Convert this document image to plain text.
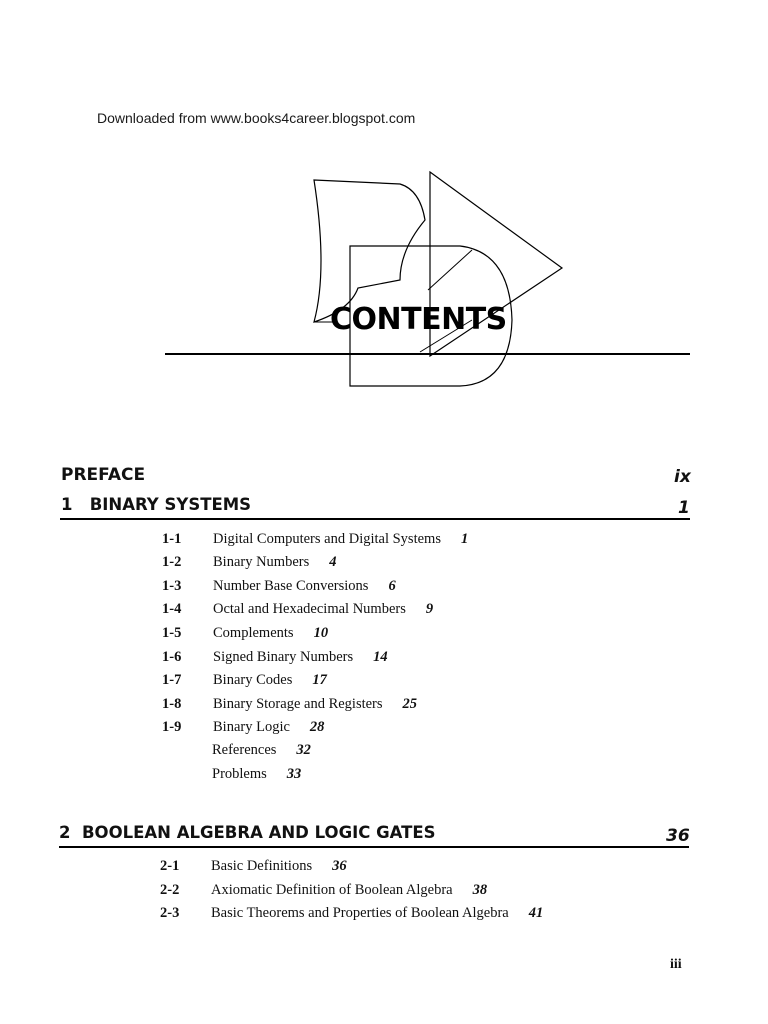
Downloaded from www.books4career.blogspot.com
CONTENTS
PREFACE	ix
1   BINARY SYSTEMS	1
1-1 Digital Computers and Digital Systems 1
1-2 Binary Numbers 4
1-3 Number Base Conversions 6
1-4 Octal and Hexadecimal Numbers 9
1-5 Complements 10
1-6 Signed Binary Numbers 14
1-7 Binary Codes 17
1-8 Binary Storage and Registers 25
1-9 Binary Logic 28
References 32
Problems 33
2  BOOLEAN ALGEBRA AND LOGIC GATES	36
2-1 Basic Definitions 36
2-2 Axiomatic Definition of Boolean Algebra 38
2-3 Basic Theorems and Properties of Boolean Algebra 41
iii
